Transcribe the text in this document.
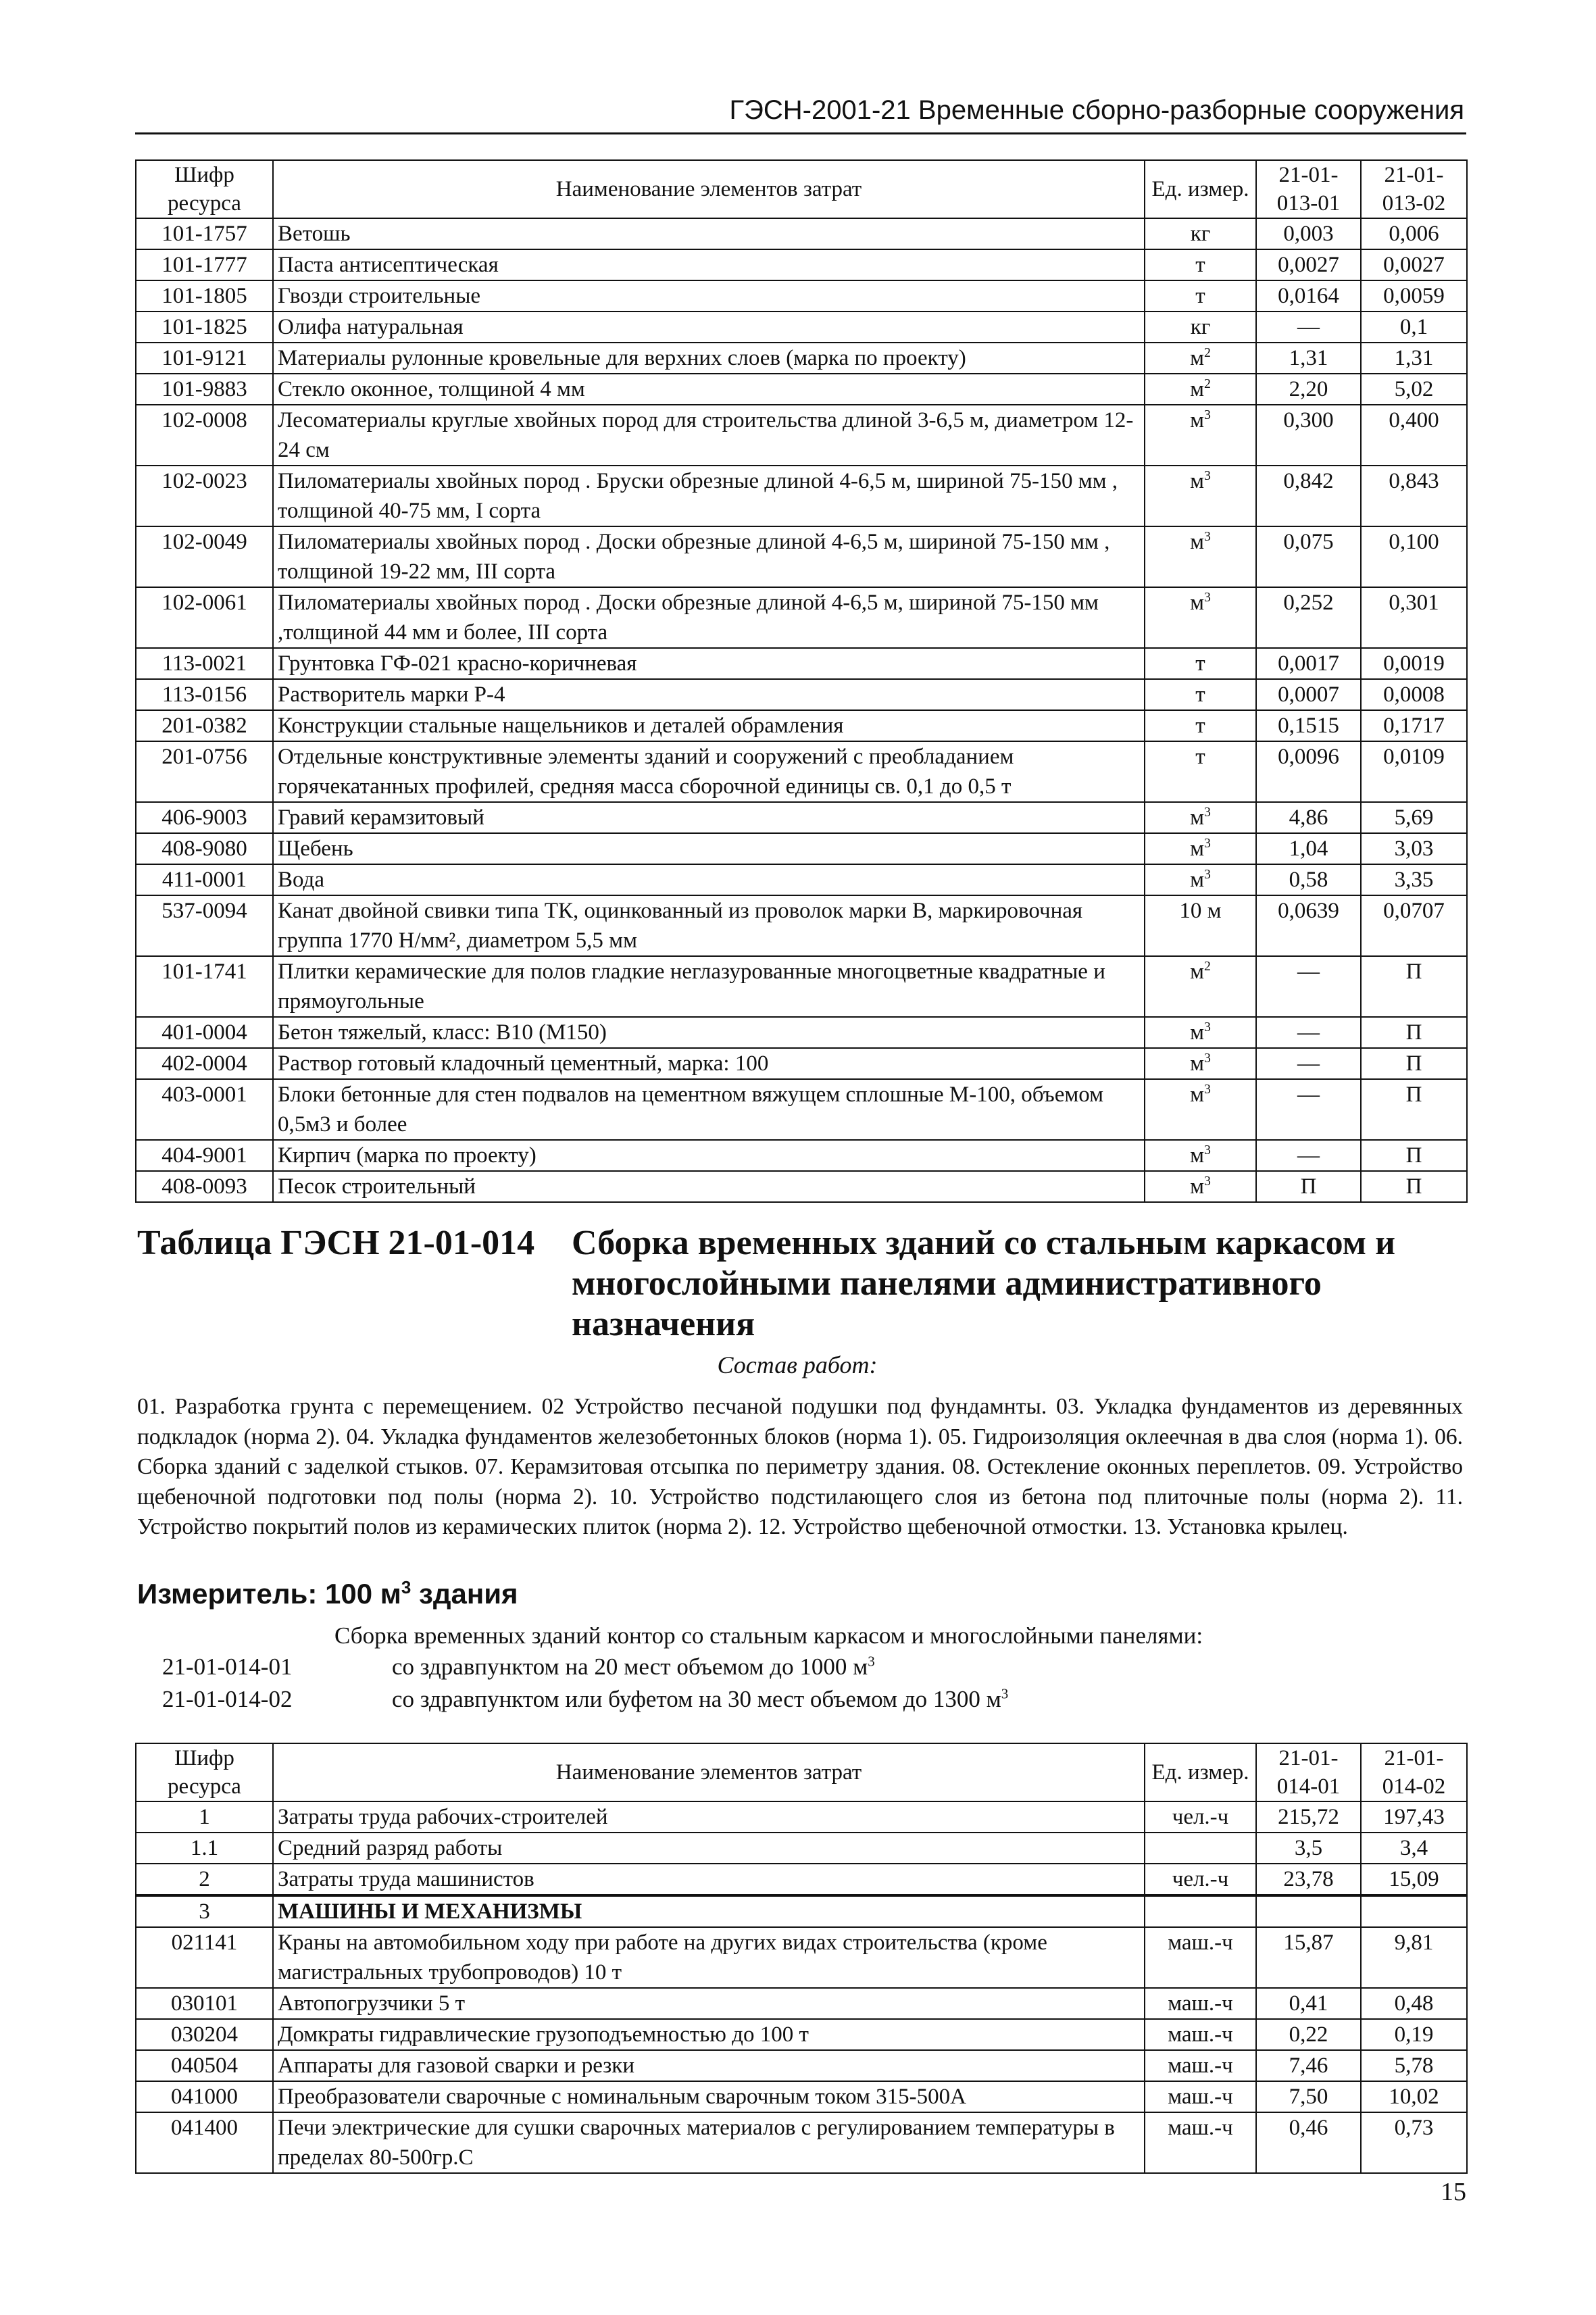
ГЭСН-2001-21 Временные сборно-разборные сооружения
Шифр ресурса	Наименование элементов затрат	Ед. измер.	21-01-013-01	21-01-013-02
101-1757	Ветошь	кг	0,003	0,006
101-1777	Паста антисептическая	т	0,0027	0,0027
101-1805	Гвозди строительные	т	0,0164	0,0059
101-1825	Олифа натуральная	кг	—	0,1
101-9121	Материалы рулонные кровельные для верхних слоев (марка по проекту)	$м^2$	1,31	1,31
101-9883	Стекло оконное, толщиной 4 мм	$м^2$	2,20	5,02
102-0008	Лесоматериалы круглые хвойных пород для строительства длиной 3-6,5 м, диаметром 12-24 см	$м^3$	0,300	0,400
102-0023	Пиломатериалы хвойных пород . Бруски обрезные длиной 4-6,5 м, шириной 75-150 мм , толщиной 40-75 мм, I сорта	$м^3$	0,842	0,843
102-0049	Пиломатериалы хвойных пород . Доски обрезные длиной 4-6,5 м, шириной 75-150 мм , толщиной 19-22 мм, III сорта	$м^3$	0,075	0,100
102-0061	Пиломатериалы хвойных пород . Доски обрезные длиной 4-6,5 м, шириной 75-150 мм ,толщиной 44 мм и более, III сорта	$м^3$	0,252	0,301
113-0021	Грунтовка ГФ-021 красно-коричневая	т	0,0017	0,0019
113-0156	Растворитель марки Р-4	т	0,0007	0,0008
201-0382	Конструкции стальные нащельников и деталей обрамления	т	0,1515	0,1717
201-0756	Отдельные конструктивные элементы зданий и сооружений с преобладанием горячекатанных профилей, средняя масса сборочной единицы св. 0,1 до 0,5 т	т	0,0096	0,0109
406-9003	Гравий керамзитовый	$м^3$	4,86	5,69
408-9080	Щебень	$м^3$	1,04	3,03
411-0001	Вода	$м^3$	0,58	3,35
537-0094	Канат двойной свивки типа ТК, оцинкованный из проволок марки В, маркировочная группа 1770 Н/мм², диаметром 5,5 мм	10 м	0,0639	0,0707
101-1741	Плитки керамические для полов гладкие неглазурованные многоцветные квадратные и прямоугольные	$м^2$	—	П
401-0004	Бетон тяжелый, класс: В10 (М150)	$м^3$	—	П
402-0004	Раствор готовый кладочный цементный, марка: 100	$м^3$	—	П
403-0001	Блоки бетонные для стен подвалов на цементном вяжущем сплошные М-100, объемом 0,5м3 и более	$м^3$	—	П
404-9001	Кирпич (марка по проекту)	$м^3$	—	П
408-0093	Песок строительный	$м^3$	П	П
Таблица ГЭСН 21-01-014 Сборка временных зданий со стальным каркасом и многослойными панелями административного назначения
Состав работ:
01. Разработка грунта с перемещением. 02 Устройство песчаной подушки под фундамнты. 03. Укладка фундаментов из деревянных подкладок (норма 2). 04. Укладка фундаментов железобетонных блоков (норма 1). 05. Гидроизоляция оклеечная в два слоя (норма 1). 06. Сборка зданий с заделкой стыков. 07. Керамзитовая отсыпка по периметру здания. 08. Остекление оконных переплетов. 09. Устройство щебеночной подготовки под полы (норма 2). 10. Устройство подстилающего слоя из бетона под плиточные полы (норма 2). 11. Устройство покрытий полов из керамических плиток (норма 2). 12. Устройство щебеночной отмостки. 13. Установка крылец.
Измеритель: 100 $м^3$ здания
Сборка временных зданий контор со стальным каркасом и многослойными панелями:
21-01-014-01	со здравпунктом на 20 мест объемом до 1000 $м^3$
21-01-014-02	со здравпунктом или буфетом на 30 мест объемом до 1300 $м^3$
Шифр ресурса	Наименование элементов затрат	Ед. измер.	21-01-014-01	21-01-014-02
1	Затраты труда рабочих-строителей	чел.-ч	215,72	197,43
1.1	Средний разряд работы		3,5	3,4
2	Затраты труда машинистов	чел.-ч	23,78	15,09
3	МАШИНЫ И МЕХАНИЗМЫ			
021141	Краны на автомобильном ходу при работе на других видах строительства (кроме магистральных трубопроводов) 10 т	маш.-ч	15,87	9,81
030101	Автопогрузчики 5 т	маш.-ч	0,41	0,48
030204	Домкраты гидравлические грузоподъемностью до 100 т	маш.-ч	0,22	0,19
040504	Аппараты для газовой сварки и резки	маш.-ч	7,46	5,78
041000	Преобразователи сварочные с номинальным сварочным током 315-500А	маш.-ч	7,50	10,02
041400	Печи электрические для сушки сварочных материалов с регулированием температуры в пределах 80-500гр.С	маш.-ч	0,46	0,73
15
